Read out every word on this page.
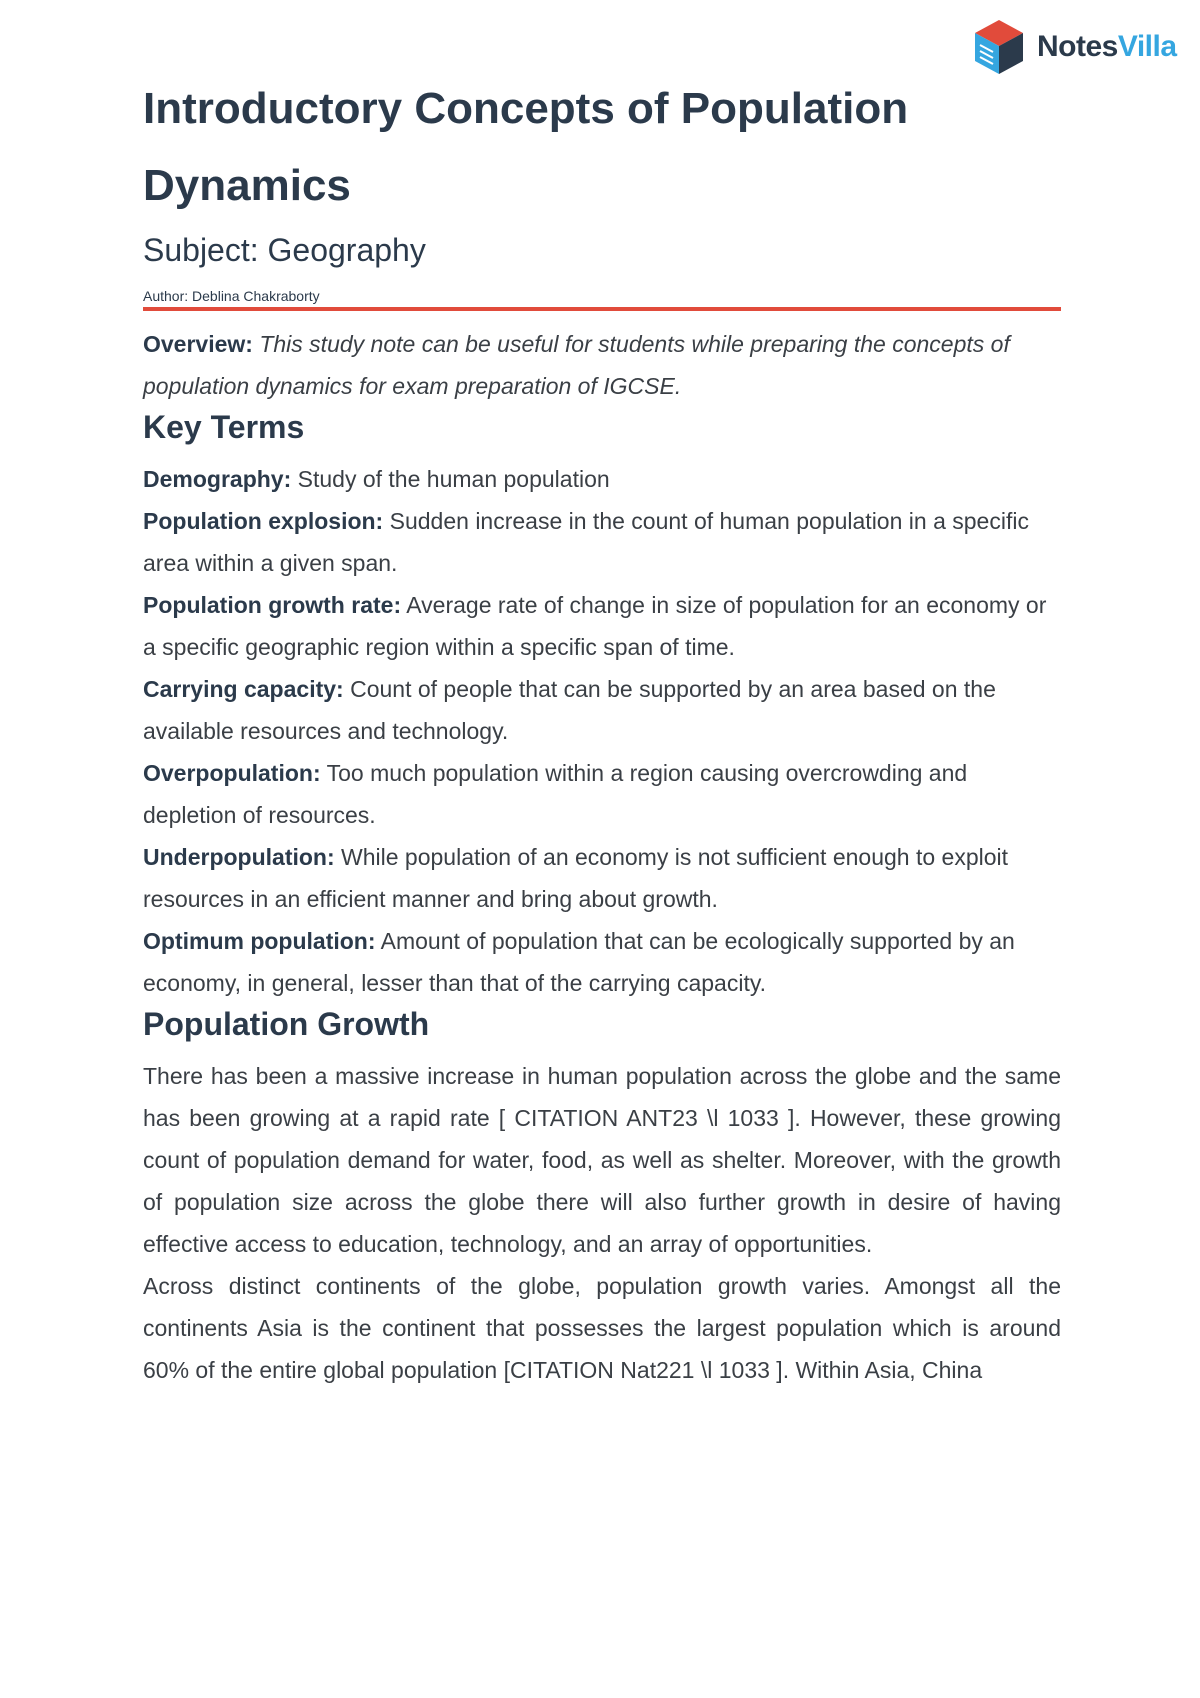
NotesVilla
Introductory Concepts of Population Dynamics
Subject: Geography
Author: Deblina Chakraborty

Overview: This study note can be useful for students while preparing the concepts of population dynamics for exam preparation of IGCSE.

Key Terms
Demography: Study of the human population
Population explosion: Sudden increase in the count of human population in a specific area within a given span.
Population growth rate: Average rate of change in size of population for an economy or a specific geographic region within a specific span of time.
Carrying capacity: Count of people that can be supported by an area based on the available resources and technology.
Overpopulation: Too much population within a region causing overcrowding and depletion of resources.
Underpopulation: While population of an economy is not sufficient enough to exploit resources in an efficient manner and bring about growth.
Optimum population: Amount of population that can be ecologically supported by an economy, in general, lesser than that of the carrying capacity.
Population Growth

There has been a massive increase in human population across the globe and the same has been growing at a rapid rate [ CITATION ANT23 \l 1033 ]. However, these growing count of population demand for water, food, as well as shelter. Moreover, with the growth of population size across the globe there will also further growth in desire of having effective access to education, technology, and an array of opportunities.

Across distinct continents of the globe, population growth varies. Amongst all the continents Asia is the continent that possesses the largest population which is around 60% of the entire global population [CITATION Nat221 \l 1033 ]. Within Asia, China
